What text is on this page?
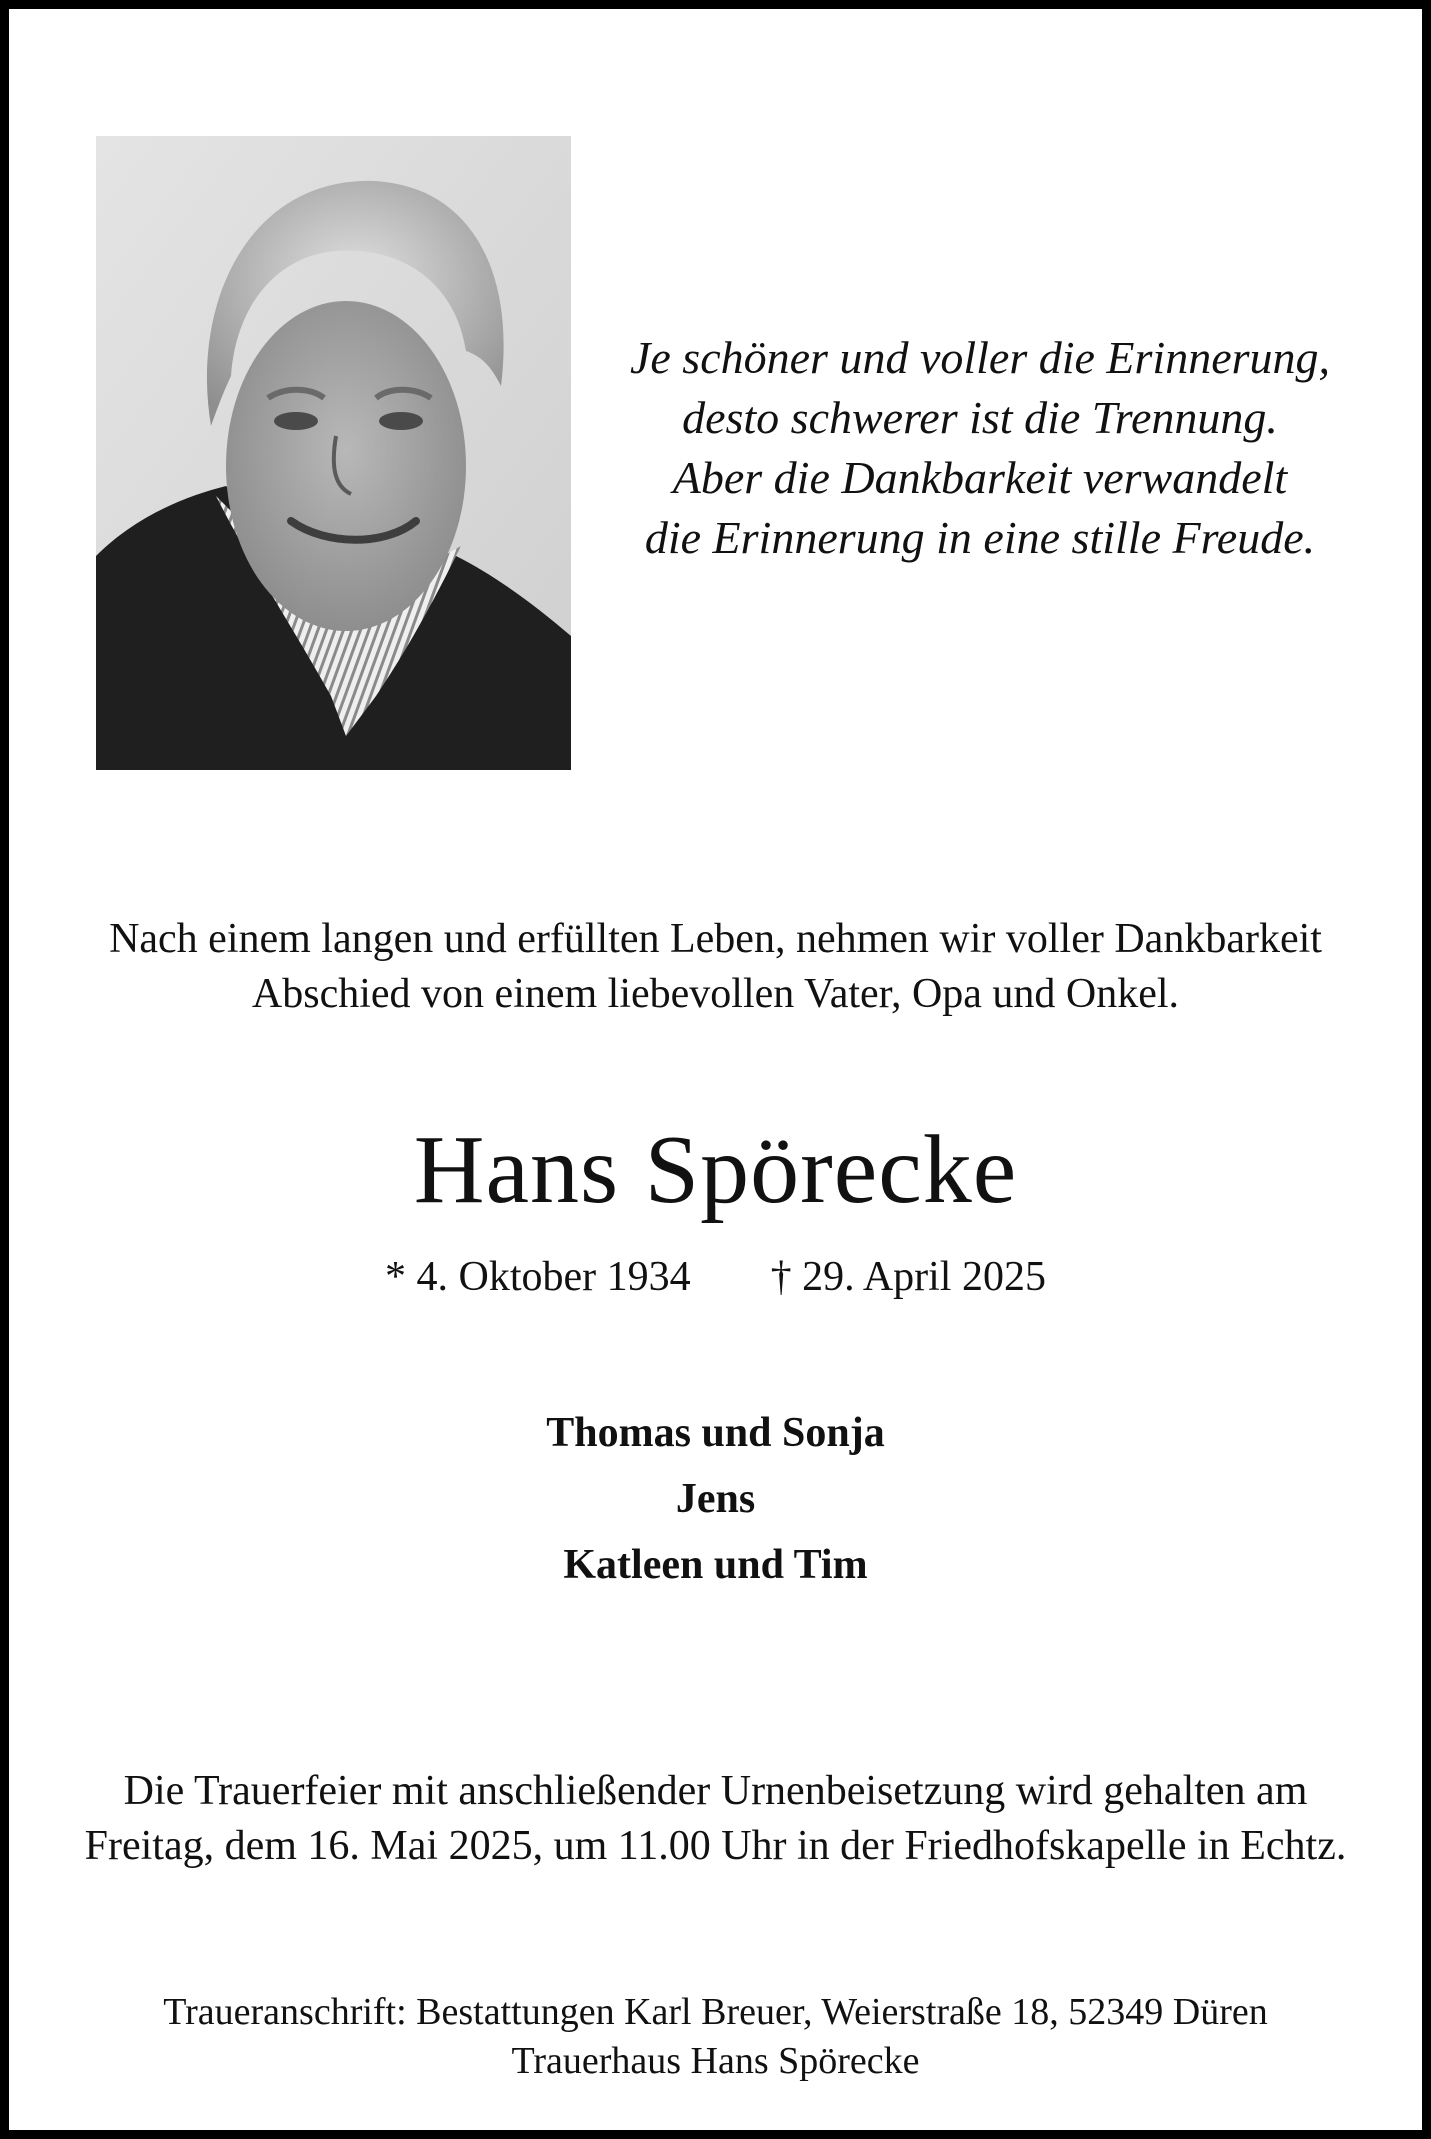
Je schöner und voller die Erinnerung,
desto schwerer ist die Trennung.
Aber die Dankbarkeit verwandelt
die Erinnerung in eine stille Freude.
Nach einem langen und erfüllten Leben, nehmen wir voller Dankbarkeit
Abschied von einem liebevollen Vater, Opa und Onkel.
Hans Spörecke
* 4. Oktober 1934 † 29. April 2025
Thomas und Sonja
Jens
Katleen und Tim
Die Trauerfeier mit anschließender Urnenbeisetzung wird gehalten am
Freitag, dem 16. Mai 2025, um 11.00 Uhr in der Friedhofskapelle in Echtz.
Traueranschrift: Bestattungen Karl Breuer, Weierstraße 18, 52349 Düren
Trauerhaus Hans Spörecke
